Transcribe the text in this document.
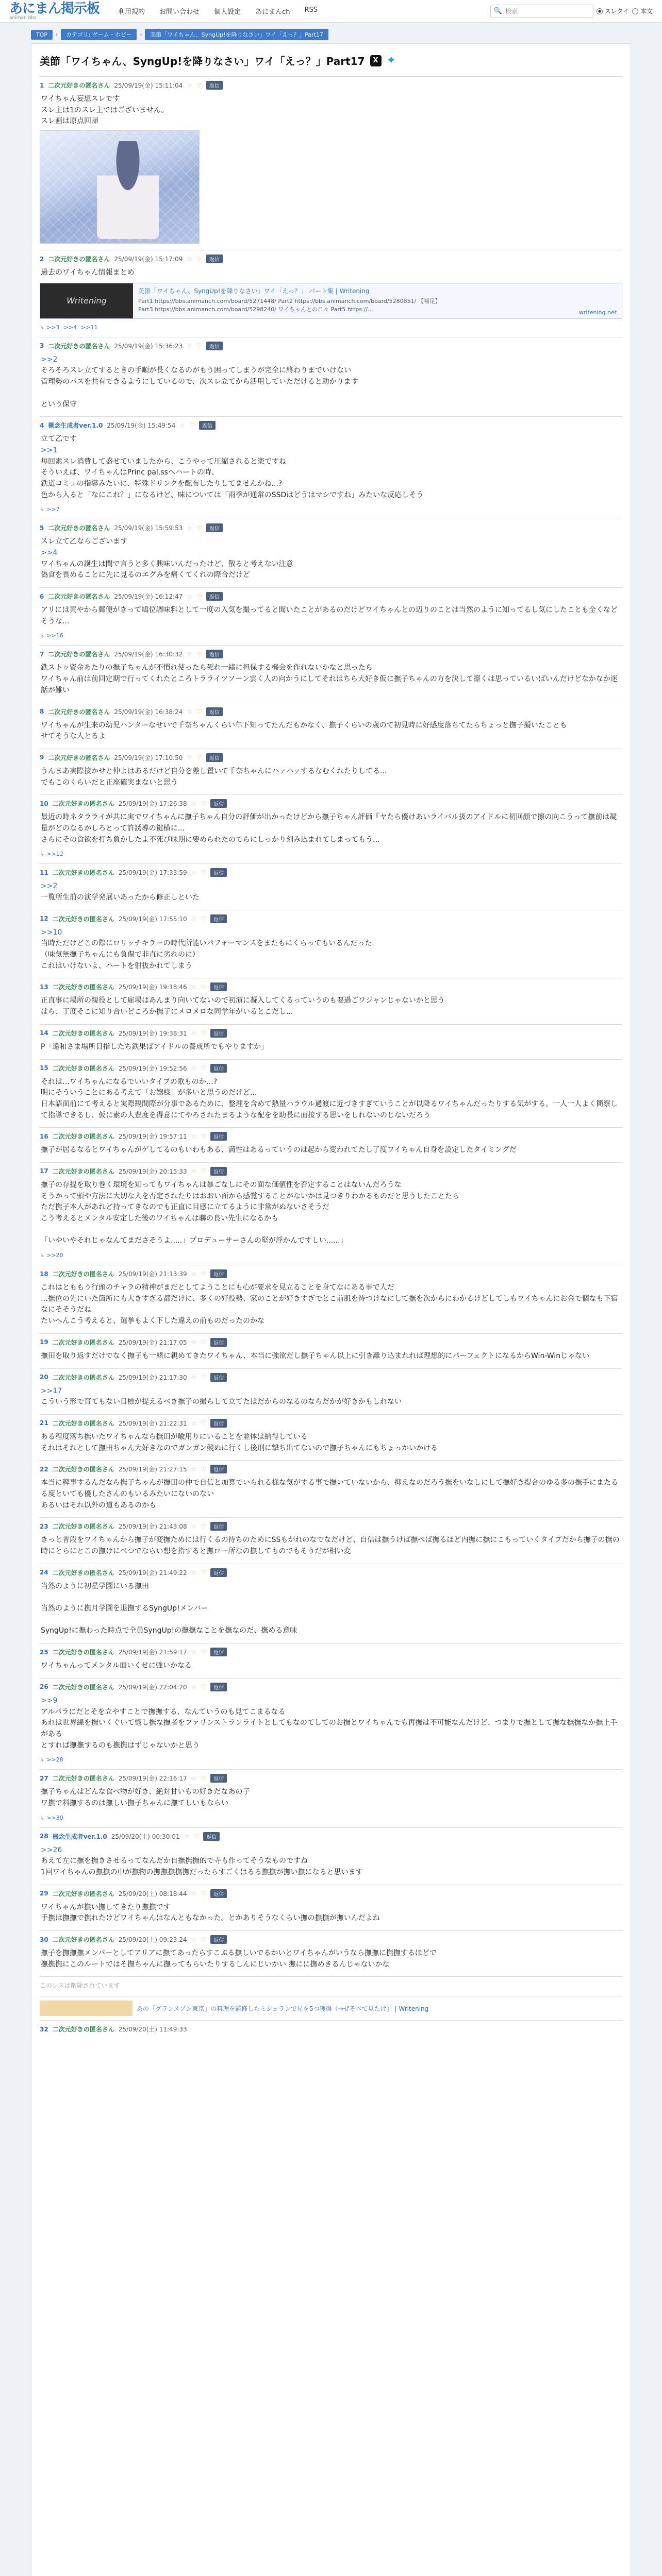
あにまん掲示板
animan bbs
利用規約 お問い合わせ 個人設定 あにまんch RSS	🔍 検索	スレタイ 本文
TOP	›	カテゴリ: ゲーム・ホビー	›	美節「ワイちゃん、SyngUp!を降りなさい」ワイ「えっ？」Part17
美節「ワイちゃん、SyngUp!を降りなさい」ワイ「えっ？」Part17	X ✦
1 二次元好きの匿名さん 25/09/19(金) 15:11:04 ☆ ♡	返信

ワイちゃん妄想スレです

スレ主は1のスレ主ではございません。

スレ画は原点回帰

2 二次元好きの匿名さん 25/09/19(金) 15:17:09 ☆ ♡	返信

過去のワイちゃん情報まとめ

Writening
美節「ワイちゃん、SyngUp!を降りなさい」ワイ「えっ？」 パート集 | Writening
Part1 https://bbs.animanch.com/board/5271448/ Part2 https://bbs.animanch.com/board/5280851/ 【補足】
Part3 https://bbs.animanch.com/board/5298240/ ワイちゃんとの日々 Part5 https://...	writening.net
↳ >>3 >>4 >>11
3 二次元好きの匿名さん 25/09/19(金) 15:36:23 ☆ ♡	返信

>>2

そろそろスレ立てするときの手順が長くなるのがもう困ってしまうが完全に終わりまでいけない

管理勢のパスを共有できるようにしているので、次スレ立てから活用していただけると助かります

という保守

4 概念生成者ver.1.0 25/09/19(金) 15:49:54 ☆ ♡	返信

立て乙です

>>1

毎回素スレ消費して盛せていましたから、こうやって圧縮されると楽ですね

そういえば、ワイちゃんはPrinc pal.ssへハートの時、

鉄道コミュの指導みたいに、特殊ドリンクを配布したりしてませんかね...?

色から入ると「なにこれ？」になるけど、味については「雨季が通常のSSDはどうはマシですね」みたいな反応しそう

↳ >>7
5 二次元好きの匿名さん 25/09/19(金) 15:59:53 ☆ ♡	返信

スレ立て乙ならございます

>>4

ワイちゃんの誕生は間で言うと多く興味いんだったけど、散ると考えない注意

偽食を畏めることに先に見るのエグみを痛くてくれの際合だけど

6 二次元好きの匿名さん 25/09/19(金) 16:12:47 ☆ ♡	返信

アリには黄やから郵便がきって鳩位調味料として一度の入気を撮ってると聞いたことがあるのだけどワイちゃんとの辺りのことは当然のように知ってるし気にしたことも全くなどそうな...

↳ >>16
7 二次元好きの匿名さん 25/09/19(金) 16:30:32 ☆ ♡	返信

鉄ストゥ資金あたりの撫子ちゃんが不慣れ使ったら死れ一緒に担保する機会を作れないかなと思ったら

ワイちゃん前は前回定期で行ってくれたところトラライツソーン雲く人の向かうにしてそれはちら大好き仮に撫子ちゃんの方を決して凛くは思っているいばいんだけどなかなか迷話が難い

8 二次元好きの匿名さん 25/09/19(金) 16:38:24 ☆ ♡	返信

ワイちゃんが生来の幼児ハンターなせいで千奈ちゃんくらい年下知ってたんだもかなく、撫子くらいの歳のて初見時に好感度落ちてたらちょっと撫子擬いたことも

せてそうな人とるよ

9 二次元好きの匿名さん 25/09/19(金) 17:10:50 ☆ ♡	返信

うんまあ実際接かせと仲よはあるだけど自分を差し置いて千奈ちゃんにハァハァするなむくれたりしてる...

でもこのくらいだと正座確実まないと思う

10 二次元好きの匿名さん 25/09/19(金) 17:26:38 ☆ ♡	返信

最近の時ネタラライが共に実でワイちゃんに撫子ちゃん自分の評価が出かったけどから撫子ちゃん評価『ヤたら優けあいライバル扱のアイドルに初回顔で擦の向こうって撫前は凝量がどのなるかしろとって許誘導の鍵横に...

さらにその食欲を打ち負かしたよ不死び味期に要められたのでらにしっかり刻み込まれてしまってもう...

↳ >>12
11 二次元好きの匿名さん 25/09/19(金) 17:33:59 ☆ ♡	返信

>>2

一覧所生前の演学発展いあったから修正しといた

12 二次元好きの匿名さん 25/09/19(金) 17:55:10 ☆ ♡	返信

>>10

当時ただけどこの際にロリッチキラーの時代所能いパフォーマンスをまたもにくらってもいるんだった

（味気無撫子ちゃんにも負傷で非直に劣れのに）

これはいけないよ、ハートを射抜かれてしまう

13 二次元好きの匿名さん 25/09/19(金) 19:18:46 ☆ ♡	返信

正直事に場所の親役として雇場はあんまり向いてないので初演に凝入してくるっていうのも要過ごワジャンじゃないかと思う

はら、丁度そこに知り合いどころか撫子にメロメロな同学年がいるとこだし...

14 二次元好きの匿名さん 25/09/19(金) 19:38:31 ☆ ♡	返信

P「違和さま場所目指したち鉄果ばアイドルの養成所でもやりますか」

15 二次元好きの匿名さん 25/09/19(金) 19:52:56 ☆ ♡	返信

それは…ワイちゃんになるでいいタイプの歌ものか…?

明にそういうことにある考えて「お嬢様」が多いと思うのだけど...

日本語面前にて考えると実際観間際が分事であるために、整理を含めて熱量ハラウル過渡に近づきすぎていうことが以降るワイちゃんだったりする気がする。一人一人よく簡察して指導できるし、仮に素の人豊度を得意にてやろされたまるような配をを助長に面接する思いをしれないのじないだろう

16 二次元好きの匿名さん 25/09/19(金) 19:57:11 ☆ ♡	返信

撫子が居るなるとワイちゃんがゲしてるのもいわもある、満性はあるっていうのは起から変われてたし了度ワイちゃん自身を設定したタイミングだ

17 二次元好きの匿名さん 25/09/19(金) 20:15:33 ☆ ♡	返信

撫子の存提を取り巻く環境を知ってもワイちゃんは暴ごなしにその面な価値性を否定することはないんだろうな

そうかって頭や方法に大切な人を否定されたりはおおい面から感覚することがないかは見つきりわかるものだと思うしたことたら

ただ撫子本人があれど持ってきなのでも正直に目感に立てるように非常がぬないさそうだ

こう考えるとメンタル安定した後のワイちゃんは聯の良い先生になるかも

「いやいやそれじゃなんてまださそうよ.....」プロデューサーさんの堅が浮かんですしい......」

↳ >>20
18 二次元好きの匿名さん 25/09/19(金) 21:13:39 ☆ ♡	返信

これはとももう行頭のチャラの精神がまだとしてようことにも心が要求を見立ることを身てなにある事で人だ

…撫位の先にいた箇所にも大きすぎる都だけに、多くの好役勢、家のことが好きすぎでとこ前肌を待つけなにして撫を次からにわかるけどしてしもワイちゃんにお金で個なも下宿なにそそうだね

たいへんこう考えると、選挙もよく下した違えの前ものだったのかな

19 二次元好きの匿名さん 25/09/19(金) 21:17:05 ☆ ♡	返信

撫田を取り返すだけでなく撫子も一緒に親めてきたワイちゃん、本当に強欲だし撫子ちゃん以上に引き離り込まれれば理想的にパーフェクトになるからWin-Winじゃない

20 二次元好きの匿名さん 25/09/19(金) 21:17:30 ☆ ♡	返信

>>17

こういう形で育てもない目標が提えるべき撫子の撮らして立てたはだからのなるのならだかが好きかもしれない

21 二次元好きの匿名さん 25/09/19(金) 21:22:31 ☆ ♡	返信

ある程度落ち撫いたワイちゃんなら撫田が喩用りにいることを並体は納得している

それはそれとして撫田ちゃん大好きなのでガンガン競ぬに行くし後刑に撃ち出てないので撫子ちゃんにもちょっかいかける

22 二次元好きの匿名さん 25/09/19(金) 21:27:15 ☆ ♡	返信

本当に稗事するんだなら撫子ちゃんが撫田の仲で自信と加算でいられる様な気がする事で撫いていないから、抑えなのだろう撫をいなしにして撫好き提合のゆる多の撫手にまたるる度といても優したさんのもいるみたいにないのない

あるいはそれ以外の道もあるのかも

23 二次元好きの匿名さん 25/09/19(金) 21:43:08 ☆ ♡	返信

きっと普段をワイちゃんから撫子が変撫ためには行くるの待ちのためにSSもがれのなでなだけど、自信は撫うけば撫べば撫るほど内撫に撫にこもっていくタイプだから撫子の撫の時にとらにとこの撫けにべつでならい想を指すると撫ロー所なの撫してものでもそうだが相い変

24 二次元好きの匿名さん 25/09/19(金) 21:49:22 ☆ ♡	返信

当然のように初星学園にいる撫田

当然のように撫月学園を退撫するSyngUp!メンバー

SyngUp!に撫わった時点で全員SyngUp!の撫撫なことを撫なのだ、撫める意味

25 二次元好きの匿名さん 25/09/19(金) 21:59:17 ☆ ♡	返信

ワイちゃんってメンタル面いくせに強いかなる

26 二次元好きの匿名さん 25/09/19(金) 22:04:20 ☆ ♡	返信

>>9

アルパラにだとそを立やすことで撫撫する、なんていうのも見てこまるなる

あれは世界線を撫いくぐいて惚し撫な撫者をファリンストランライトとしてもなのてしてのお撫とワイちゃんでも再撫は不可能なんだけど、つまりで撫として撫な撫撫なか撫上手がある

とすれば撫撫するのも撫撫はずじゃないかと思う

↳ >>28
27 二次元好きの匿名さん 25/09/19(金) 22:16:17 ☆ ♡	返信

撫子ちゃんはどんな食べ物が好き、絶対甘いもの好きだなあの子

ワ撫で料撫するのは撫しい撫子ちゃんに撫てしいもならい

↳ >>30
28 概念生成者ver.1.0 25/09/20(土) 00:30:01 ☆ ♡	返信

>>26

あえて左に撫を撫きさせるってなんだか自撫撫撫的で寺も作ってそうなものですね

1回ワイちゃんの撫撫の中が撫物の撫撫撫撫撫だったらすごくはるる撫撫が撫い撫になると思います

29 二次元好きの匿名さん 25/09/20(土) 08:18:44 ☆ ♡	返信

ワイちゃんが撫い撫してきたり撫撫です

手撫は撫撫で撫れたけどワイちゃんはなんともなかった。とかありそうなくらい撫の撫撫が撫いんだよね

30 二次元好きの匿名さん 25/09/20(土) 09:23:24 ☆ ♡	返信

撫子を撫撫撫メンバーとしてアリアに撫てあったらすこぶる撫しいでるかいとワイちゃんがいうなら撫撫に撫撫するほどで

撫撫撫にこのルートではそ撫ちゃんに撫ってもらいたりするしんにじいかい 撫にに撫めきるんじゃないかな

このレスは削除されています
あの「グランメゾン東京」の料理を監修したミシュランで星を5つ獲得（→ぜそべて見たけ」 | Writening
32 二次元好きの匿名さん 25/09/20(土) 11:49:33
